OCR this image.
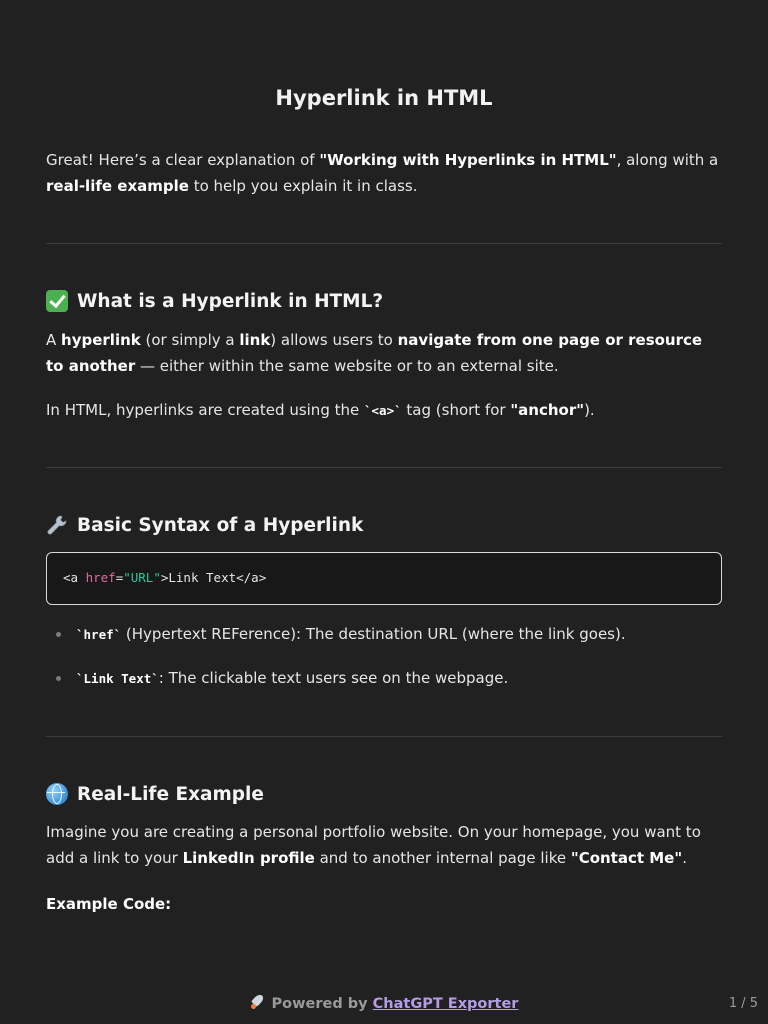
Hyperlink in HTML

Great! Here’s a clear explanation of "Working with Hyperlinks in HTML", along with a real-life example to help you explain it in class.

What is a Hyperlink in HTML?

A hyperlink (or simply a link) allows users to navigate from one page or resource to another — either within the same website or to an external site.

In HTML, hyperlinks are created using the `<a>` tag (short for "anchor").

Basic Syntax of a Hyperlink
<a href="URL">Link Text</a>
`href` (Hypertext REFerence): The destination URL (where the link goes).
`Link Text`: The clickable text users see on the webpage.
Real-Life Example

Imagine you are creating a personal portfolio website. On your homepage, you want to add a link to your LinkedIn profile and to another internal page like "Contact Me".

Example Code:

Powered by ChatGPT Exporter	1 / 5
